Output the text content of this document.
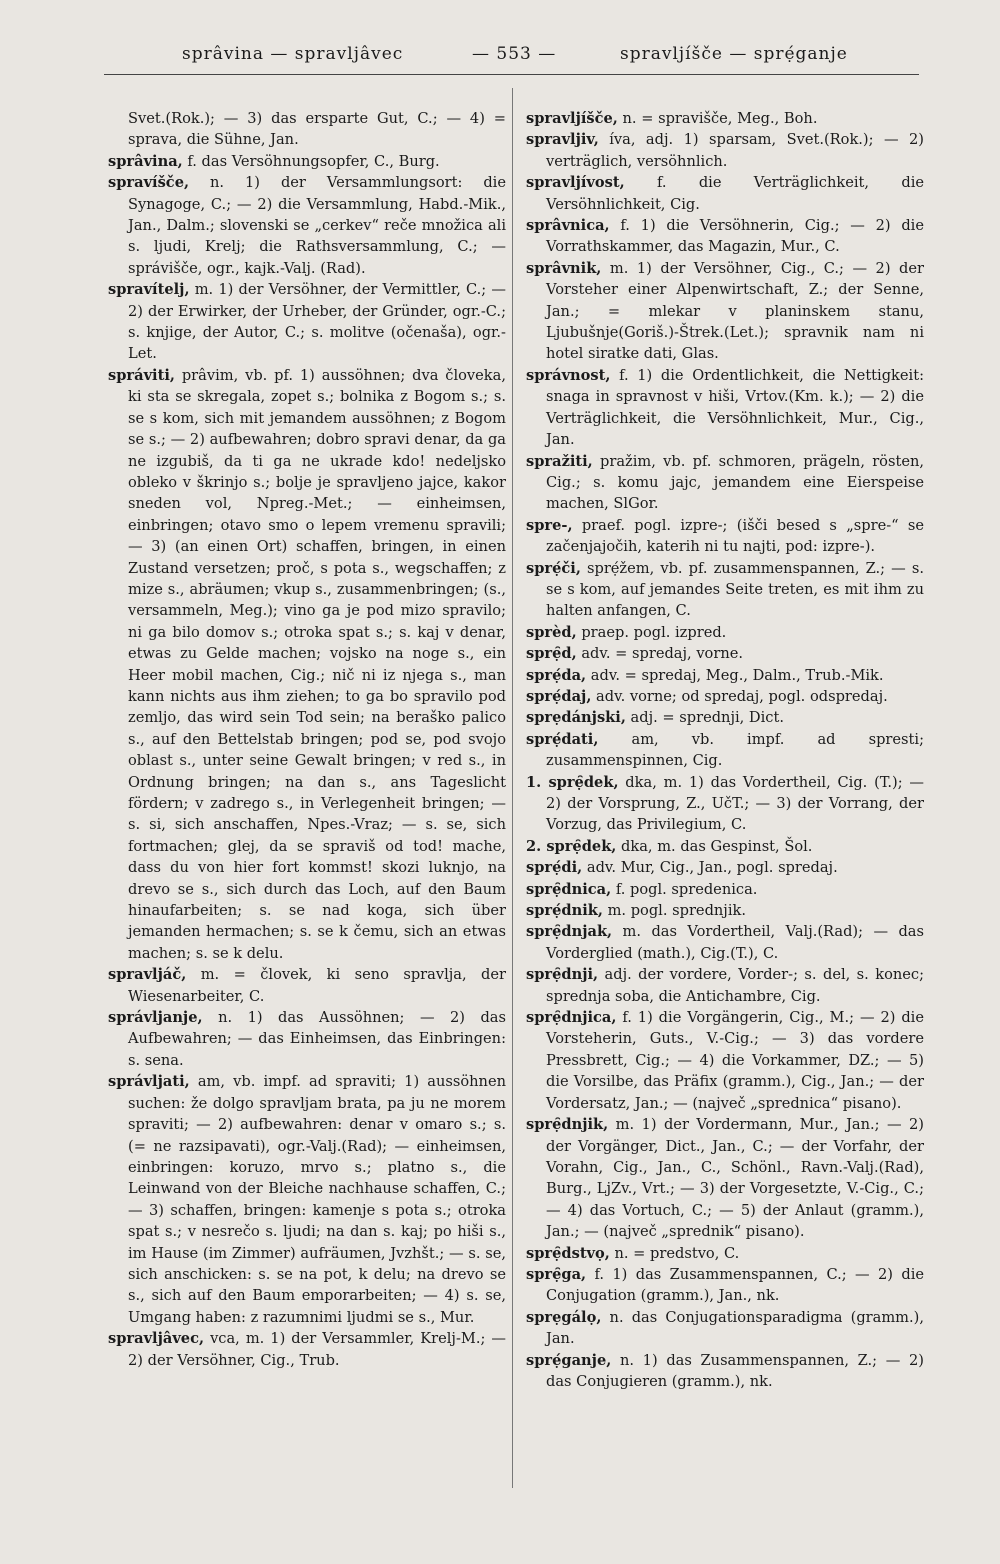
sprâvina — spravljâvec	— 553 —	spravljíšče — sprẹ́ganje

Svet.(Rok.); — 3) das ersparte Gut, C.; — 4) = sprava, die Sühne, Jan.

sprâvina, f. das Versöhnungsopfer, C., Burg.

spravíšče, n. 1) der Versammlungsort: die Synagoge, C.; — 2) die Versammlung, Habd.-Mik., Jan., Dalm.; slovenski se „cerkev“ reče množica ali s. ljudi, Krelj; die Rathsversammlung, C.; — správišče, ogr., kajk.-Valj. (Rad).

spravítelj, m. 1) der Versöhner, der Vermittler, C.; — 2) der Erwirker, der Urheber, der Gründer, ogr.-C.; s. knjige, der Autor, C.; s. molitve (očenaša), ogr.-Let.

správiti, prâvim, vb. pf. 1) aussöhnen; dva človeka, ki sta se skregala, zopet s.; bolnika z Bogom s.; s. se s kom, sich mit jemandem aussöhnen; z Bogom se s.; — 2) aufbewahren; dobro spravi denar, da ga ne izgubiš, da ti ga ne ukrade kdo! nedeljsko obleko v škrinjo s.; bolje je spravljeno jajce, kakor sneden vol, Npreg.-Met.; — einheimsen, einbringen; otavo smo o lepem vremenu spravili; — 3) (an einen Ort) schaffen, bringen, in einen Zustand versetzen; proč, s pota s., wegschaffen; z mize s., abräumen; vkup s., zusammenbringen; (s., versammeln, Meg.); vino ga je pod mizo spravilo; ni ga bilo domov s.; otroka spat s.; s. kaj v denar, etwas zu Gelde machen; vojsko na noge s., ein Heer mobil machen, Cig.; nič ni iz njega s., man kann nichts aus ihm ziehen; to ga bo spravilo pod zemljo, das wird sein Tod sein; na beraško palico s., auf den Bettelstab bringen; pod se, pod svojo oblast s., unter seine Gewalt bringen; v red s., in Ordnung bringen; na dan s., ans Tageslicht fördern; v zadrego s., in Verlegenheit bringen; — s. si, sich anschaffen, Npes.-Vraz; — s. se, sich fortmachen; glej, da se spraviš od tod! mache, dass du von hier fort kommst! skozi luknjo, na drevo se s., sich durch das Loch, auf den Baum hinaufarbeiten; s. se nad koga, sich über jemanden hermachen; s. se k čemu, sich an etwas machen; s. se k delu.

spravljáč, m. = človek, ki seno spravlja, der Wiesenarbeiter, C.

správljanje, n. 1) das Aussöhnen; — 2) das Aufbewahren; — das Einheimsen, das Einbringen: s. sena.

správljati, am, vb. impf. ad spraviti; 1) aussöhnen suchen: že dolgo spravljam brata, pa ju ne morem spraviti; — 2) aufbewahren: denar v omaro s.; s. (= ne razsipavati), ogr.-Valj.(Rad); — einheimsen, einbringen: koruzo, mrvo s.; platno s., die Leinwand von der Bleiche nachhause schaffen, C.; — 3) schaffen, bringen: kamenje s pota s.; otroka spat s.; v nesrečo s. ljudi; na dan s. kaj; po hiši s., im Hause (im Zimmer) aufräumen, Jvzhšt.; — s. se, sich anschicken: s. se na pot, k delu; na drevo se s., sich auf den Baum emporarbeiten; — 4) s. se, Umgang haben: z razumnimi ljudmi se s., Mur.

spravljâvec, vca, m. 1) der Versammler, Krelj-M.; — 2) der Versöhner, Cig., Trub.

spravljíšče, n. = spravišče, Meg., Boh.

spravljiv, íva, adj. 1) sparsam, Svet.(Rok.); — 2) verträglich, versöhnlich.

spravljívost, f. die Verträglichkeit, die Versöhnlichkeit, Cig.

sprâvnica, f. 1) die Versöhnerin, Cig.; — 2) die Vorrathskammer, das Magazin, Mur., C.

sprâvnik, m. 1) der Versöhner, Cig., C.; — 2) der Vorsteher einer Alpenwirtschaft, Z.; der Senne, Jan.; = mlekar v planinskem stanu, Ljubušnje(Goriš.)-Štrek.(Let.); spravnik nam ni hotel siratke dati, Glas.

správnost, f. 1) die Ordentlichkeit, die Nettigkeit: snaga in spravnost v hiši, Vrtov.(Km. k.); — 2) die Verträglichkeit, die Versöhnlichkeit, Mur., Cig., Jan.

spražiti, pražim, vb. pf. schmoren, prägeln, rösten, Cig.; s. komu jajc, jemandem eine Eierspeise machen, SlGor.

spre-, praef. pogl. izpre-; (išči besed s „spre-“ se začenjajočih, katerih ni tu najti, pod: izpre-).

sprẹ́či, sprẹ́žem, vb. pf. zusammenspannen, Z.; — s. se s kom, auf jemandes Seite treten, es mit ihm zu halten anfangen, C.

sprèd, praep. pogl. izpred.

sprẹ̑d, adv. = spredaj, vorne.

sprẹ́da, adv. = spredaj, Meg., Dalm., Trub.-Mik.

sprẹ́daj, adv. vorne; od spredaj, pogl. odspredaj.

sprẹdánjski, adj. = sprednji, Dict.

sprẹ́dati, am, vb. impf. ad spresti; zusammenspinnen, Cig.

1. sprẹ̑dek, dka, m. 1) das Vordertheil, Cig. (T.); — 2) der Vorsprung, Z., UčT.; — 3) der Vorrang, der Vorzug, das Privilegium, C.

2. sprẹ̑dek, dka, m. das Gespinst, Šol.

sprẹ́di, adv. Mur, Cig., Jan., pogl. spredaj.

sprẹ̑dnica, f. pogl. spredenica.

sprẹ́dnik, m. pogl. sprednjik.

sprẹ̑dnjak, m. das Vordertheil, Valj.(Rad); — das Vorderglied (math.), Cig.(T.), C.

sprẹ̑dnji, adj. der vordere, Vorder-; s. del, s. konec; sprednja soba, die Antichambre, Cig.

sprẹ̑dnjica, f. 1) die Vorgängerin, Cig., M.; — 2) die Vorsteherin, Guts., V.-Cig.; — 3) das vordere Pressbrett, Cig.; — 4) die Vorkammer, DZ.; — 5) die Vorsilbe, das Präfix (gramm.), Cig., Jan.; — der Vordersatz, Jan.; — (največ „sprednica“ pisano).

sprẹ̑dnjik, m. 1) der Vordermann, Mur., Jan.; — 2) der Vorgänger, Dict., Jan., C.; — der Vorfahr, der Vorahn, Cig., Jan., C., Schönl., Ravn.-Valj.(Rad), Burg., LjZv., Vrt.; — 3) der Vorgesetzte, V.-Cig., C.; — 4) das Vortuch, C.; — 5) der Anlaut (gramm.), Jan.; — (največ „sprednik“ pisano).

sprẹ̑dstvọ, n. = predstvo, C.

sprẹ̑ga, f. 1) das Zusammenspannen, C.; — 2) die Conjugation (gramm.), Jan., nk.

sprẹgálọ, n. das Conjugationsparadigma (gramm.), Jan.

sprẹ́ganje, n. 1) das Zusammenspannen, Z.; — 2) das Conjugieren (gramm.), nk.
